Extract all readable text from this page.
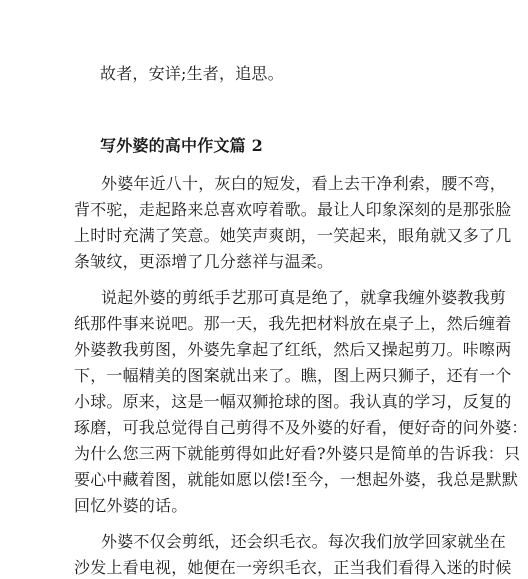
故者，安详;生者，追思。
写外婆的高中作文篇 2
外婆年近八十，灰白的短发，看上去干净利索，腰不弯，
背不驼，走起路来总喜欢哼着歌。最让人印象深刻的是那张脸
上时时充满了笑意。她笑声爽朗，一笑起来，眼角就又多了几
条皱纹，更添增了几分慈祥与温柔。
说起外婆的剪纸手艺那可真是绝了，就拿我缠外婆教我剪
纸那件事来说吧。那一天，我先把材料放在桌子上，然后缠着
外婆教我剪图，外婆先拿起了红纸，然后又操起剪刀。咔嚓两
下，一幅精美的图案就出来了。瞧，图上两只狮子，还有一个
小球。原来，这是一幅双狮抢球的图。我认真的学习，反复的
琢磨，可我总觉得自己剪得不及外婆的好看，便好奇的问外婆：
为什么您三两下就能剪得如此好看?外婆只是简单的告诉我：只
要心中藏着图，就能如愿以偿!至今，一想起外婆，我总是默默
回忆外婆的话。
外婆不仅会剪纸，还会织毛衣。每次我们放学回家就坐在
沙发上看电视，她便在一旁织毛衣，正当我们看得入迷的时候
